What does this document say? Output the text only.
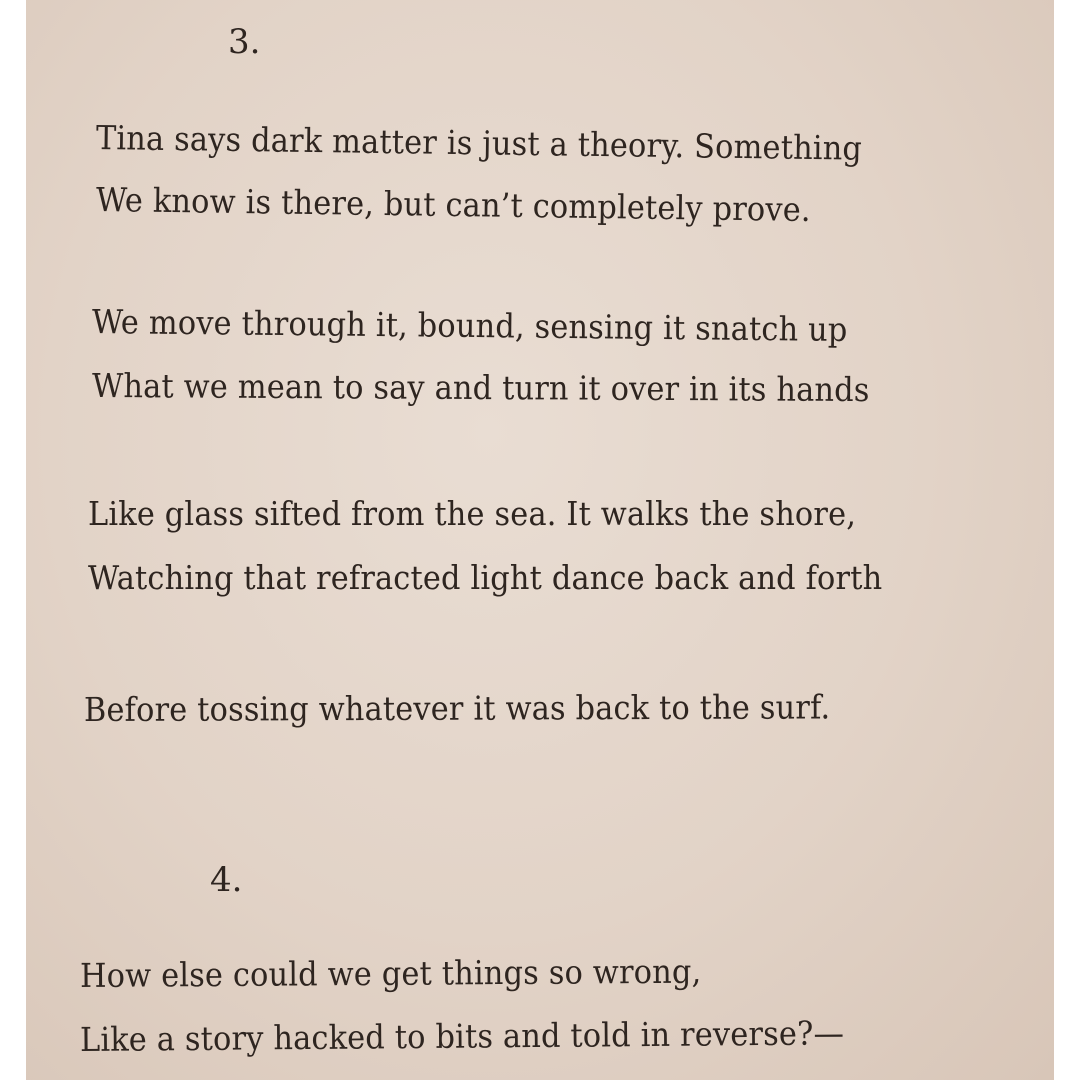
3.
Tina says dark matter is just a theory. Something
We know is there, but can’t completely prove.
We move through it, bound, sensing it snatch up
What we mean to say and turn it over in its hands
Like glass sifted from the sea. It walks the shore,
Watching that refracted light dance back and forth
Before tossing whatever it was back to the surf.
4.
How else could we get things so wrong,
Like a story hacked to bits and told in reverse?—
